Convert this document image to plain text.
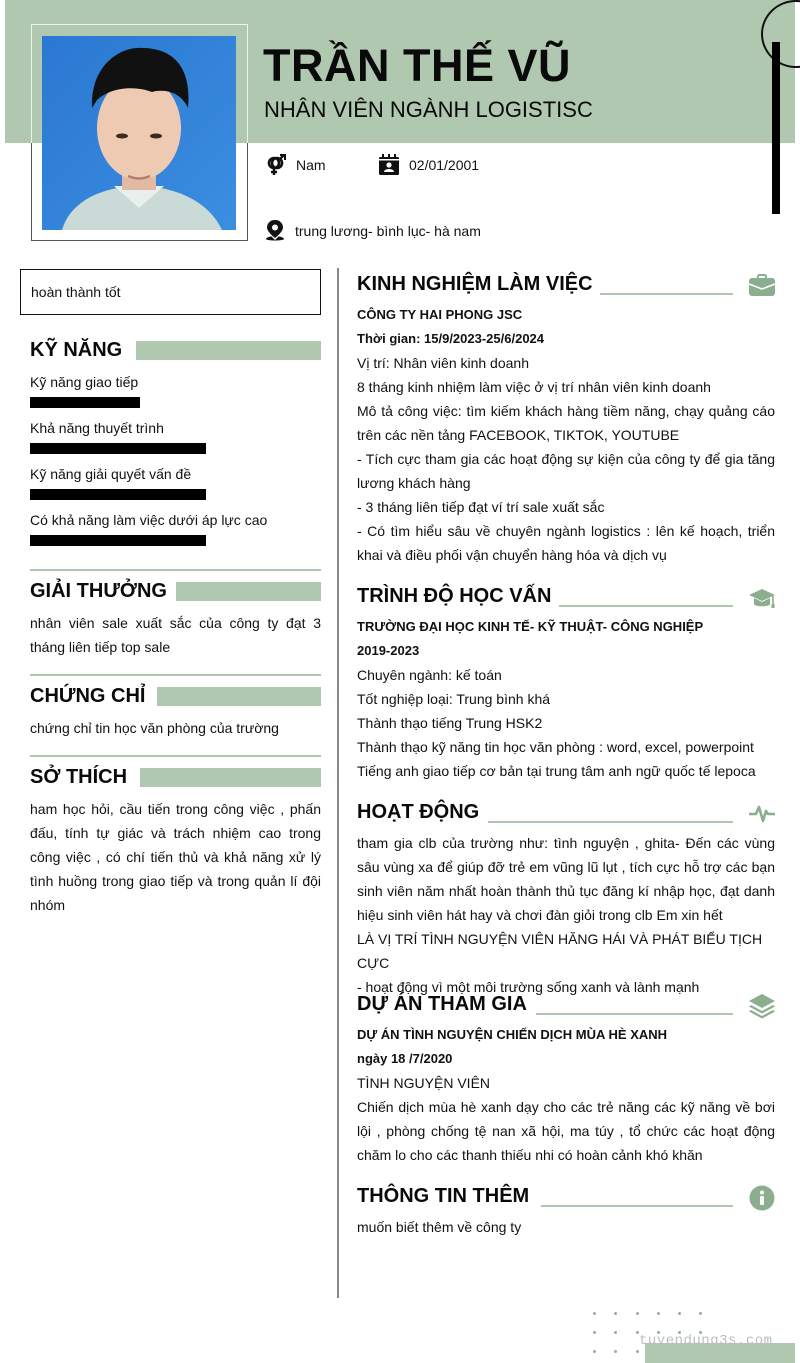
TRẦN THẾ VŨ
NHÂN VIÊN NGÀNH LOGISTISC
Nam	02/01/2001
trung lương- bình lục- hà nam
hoàn thành tốt
KỸ NĂNG
Kỹ năng giao tiếp
Khả năng thuyết trình
Kỹ năng giải quyết vấn đề
Có khả năng làm việc dưới áp lực cao
GIẢI THƯỞNG
nhân viên sale xuất sắc của công ty đạt 3 tháng liên tiếp top sale
CHỨNG CHỈ
chứng chỉ tin học văn phòng của trường
SỞ THÍCH
ham học hỏi, cầu tiến trong công việc , phấn đấu, tính tự giác và trách nhiệm cao trong công việc , có chí tiến thủ và khả năng xử lý tình huồng trong giao tiếp và trong quản lí đội nhóm
KINH NGHIỆM LÀM VIỆC
CÔNG TY HAI PHONG JSC
Thời gian: 15/9/2023-25/6/2024
Vị trí: Nhân viên kinh doanh
8 tháng kinh nhiệm làm việc ở vị trí nhân viên kinh doanh
Mô tả công việc: tìm kiếm khách hàng tiềm năng, chạy quảng cáo trên các nền tảng FACEBOOK, TIKTOK, YOUTUBE
- Tích cực tham gia các hoạt động sự kiện của công ty để gia tăng lương khách hàng
- 3 tháng liên tiếp đạt ví trí sale xuất sắc
- Có tìm hiểu sâu về chuyên ngành logistics : lên kế hoạch, triển khai và điều phối vận chuyển hàng hóa và dịch vụ
TRÌNH ĐỘ HỌC VẤN
TRƯỜNG ĐẠI HỌC KINH TẾ- KỸ THUẬT- CÔNG NGHIỆP
2019-2023
Chuyên ngành: kế toán
Tốt nghiệp loại: Trung bình khá
Thành thạo tiếng Trung HSK2
Thành thạo kỹ năng tin học văn phòng : word, excel, powerpoint
Tiếng anh giao tiếp cơ bản tại trung tâm anh ngữ quốc tế lepoca
HOẠT ĐỘNG
tham gia clb của trường như: tình nguyện , ghita- Đến các vùng sâu vùng xa để giúp đỡ trẻ em vũng lũ lụt , tích cực hỗ trợ các bạn sinh viên năm nhất hoàn thành thủ tục đăng kí nhập học, đạt danh hiệu sinh viên hát hay và chơi đàn giỏi trong clb Em xin hết
LÀ VỊ TRÍ TÌNH NGUYỆN VIÊN HĂNG HÁI VÀ PHÁT BIỂU TỊCH CỰC
- hoạt động vì một môi trường sống xanh và lành mạnh
DỰ ÁN THAM GIA
DỰ ÁN TÌNH NGUYỆN CHIẾN DỊCH MÙA HÈ XANH
ngày 18 /7/2020
TÌNH NGUYỆN VIÊN
Chiến dịch mùa hè xanh dạy cho các trẻ năng các kỹ năng về bơi lội , phòng chống tệ nan xã hội, ma túy , tổ chức các hoạt động chăm lo cho các thanh thiếu nhi có hoàn cảnh khó khăn
THÔNG TIN THÊM
muốn biết thêm về công ty
tuyendung3s.com
